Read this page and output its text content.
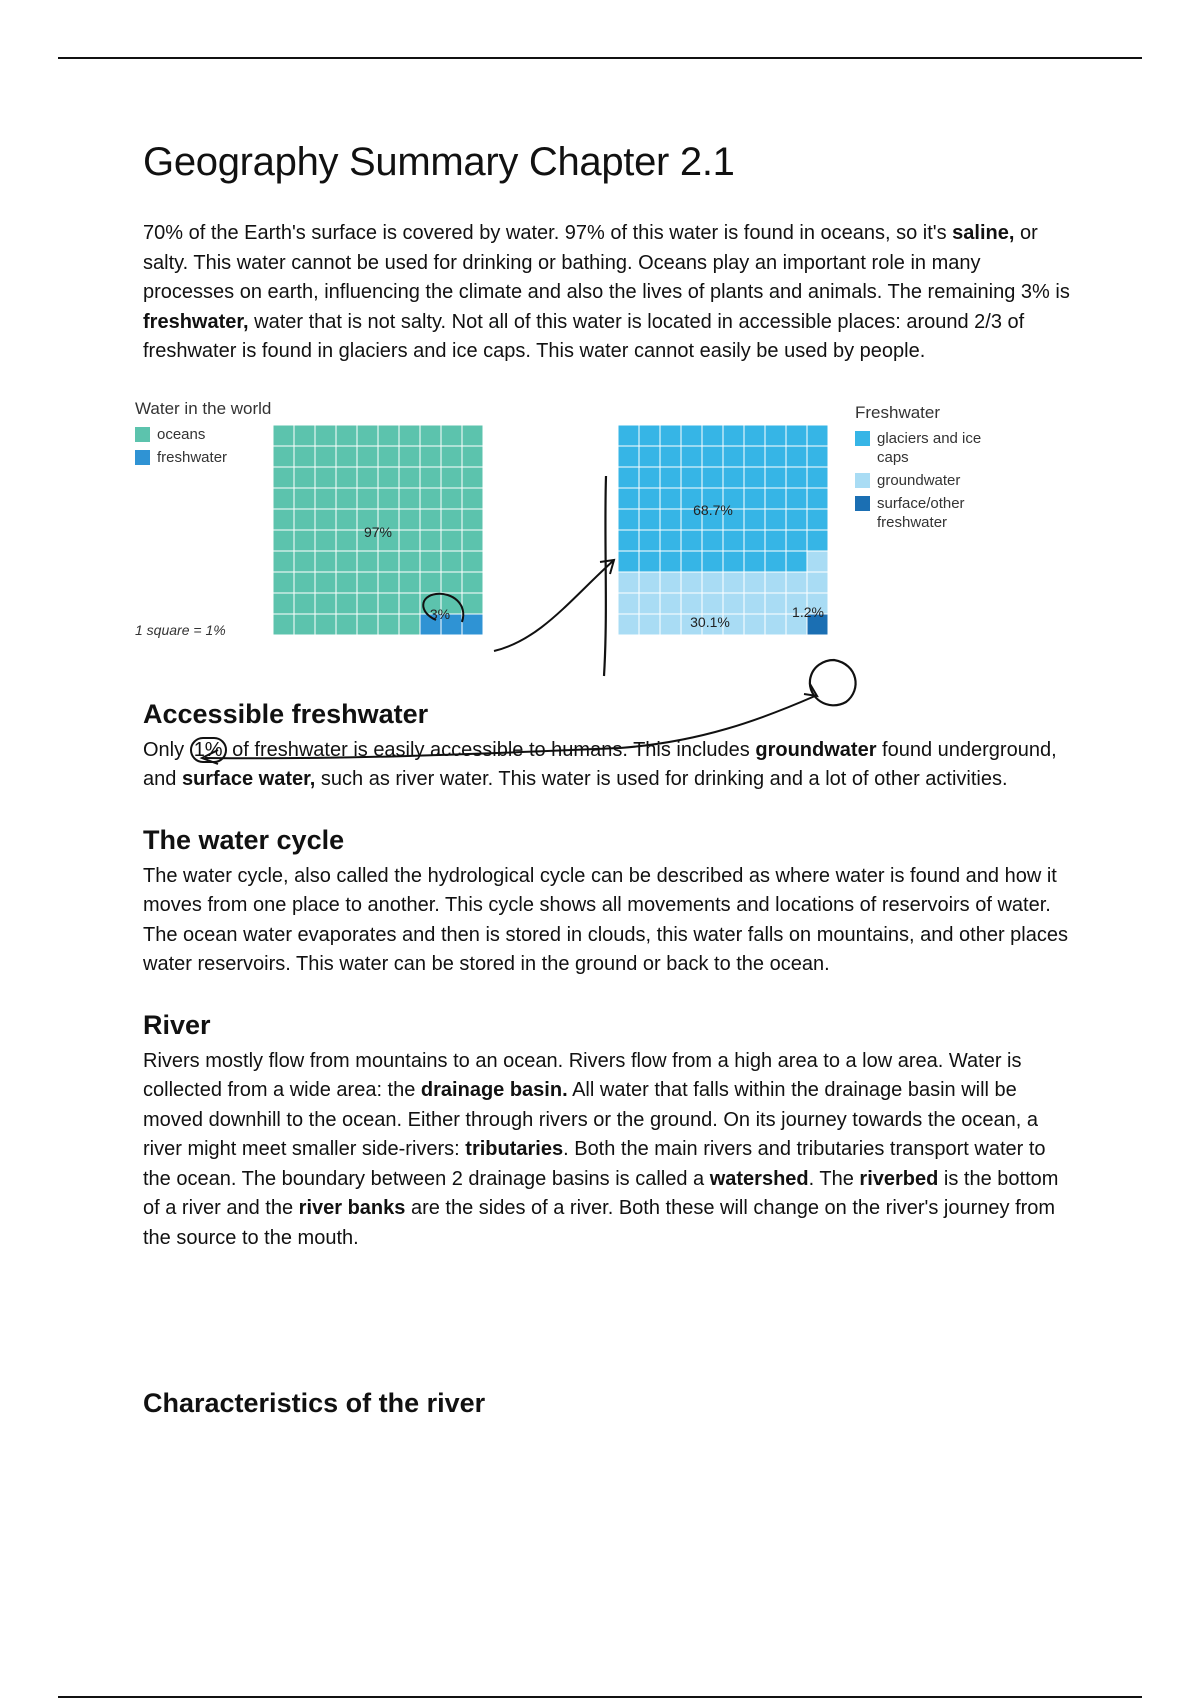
Geography Summary Chapter 2.1

70% of the Earth's surface is covered by water. 97% of this water is found in oceans, so it's saline, or salty. This water cannot be used for drinking or bathing. Oceans play an important role in many processes on earth, influencing the climate and also the lives of plants and animals. The remaining 3% is freshwater, water that is not salty. Not all of this water is located in accessible places: around 2/3 of freshwater is found in glaciers and ice caps. This water cannot easily be used by people.

97%
3%
68.7%
30.1%
1.2%
Water in the world
oceans
freshwater
1 square = 1%
Freshwater
glaciers and ice caps
groundwater
surface/other freshwater
Accessible freshwater

Only 1% of freshwater is easily accessible to humans. This includes groundwater found underground, and surface water, such as river water. This water is used for drinking and a lot of other activities.

The water cycle

The water cycle, also called the hydrological cycle can be described as where water is found and how it moves from one place to another. This cycle shows all movements and locations of reservoirs of water. The ocean water evaporates and then is stored in clouds, this water falls on mountains, and other places water reservoirs. This water can be stored in the ground or back to the ocean.

River

Rivers mostly flow from mountains to an ocean. Rivers flow from a high area to a low area. Water is collected from a wide area: the drainage basin. All water that falls within the drainage basin will be moved downhill to the ocean. Either through rivers or the ground. On its journey towards the ocean, a river might meet smaller side-rivers: tributaries. Both the main rivers and tributaries transport water to the ocean. The boundary between 2 drainage basins is called a watershed. The riverbed is the bottom of a river and the river banks are the sides of a river. Both these will change on the river's journey from the source to the mouth.

Characteristics of the river
